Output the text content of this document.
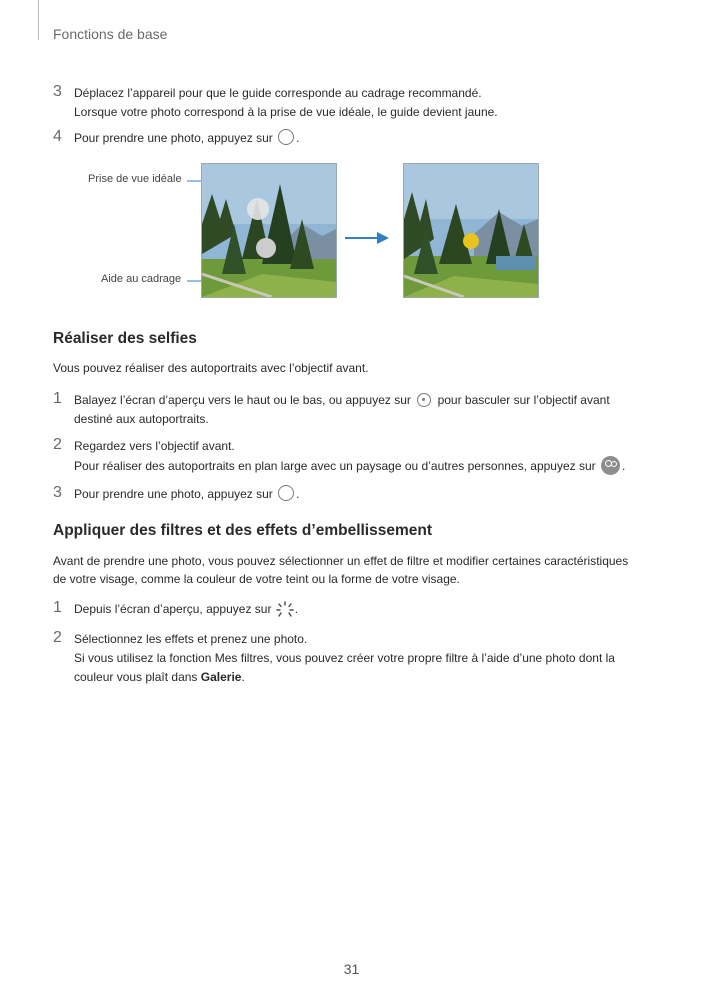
Fonctions de base
3 Déplacez l’appareil pour que le guide corresponde au cadrage recommandé.
Lorsque votre photo correspond à la prise de vue idéale, le guide devient jaune.
4 Pour prendre une photo, appuyez sur .
Prise de vue idéale
Aide au cadrage
Réaliser des selfies
Vous pouvez réaliser des autoportraits avec l’objectif avant.
1 Balayez l’écran d’aperçu vers le haut ou le bas, ou appuyez sur pour basculer sur l’objectif avant
destiné aux autoportraits.
2 Regardez vers l’objectif avant.
Pour réaliser des autoportraits en plan large avec un paysage ou d’autres personnes, appuyez sur .
3 Pour prendre une photo, appuyez sur .
Appliquer des filtres et des effets d’embellissement
Avant de prendre une photo, vous pouvez sélectionner un effet de filtre et modifier certaines caractéristiques
de votre visage, comme la couleur de votre teint ou la forme de votre visage.
1 Depuis l’écran d’aperçu, appuyez sur .
2 Sélectionnez les effets et prenez une photo.
Si vous utilisez la fonction Mes filtres, vous pouvez créer votre propre filtre à l’aide d’une photo dont la
couleur vous plaît dans Galerie.
31
